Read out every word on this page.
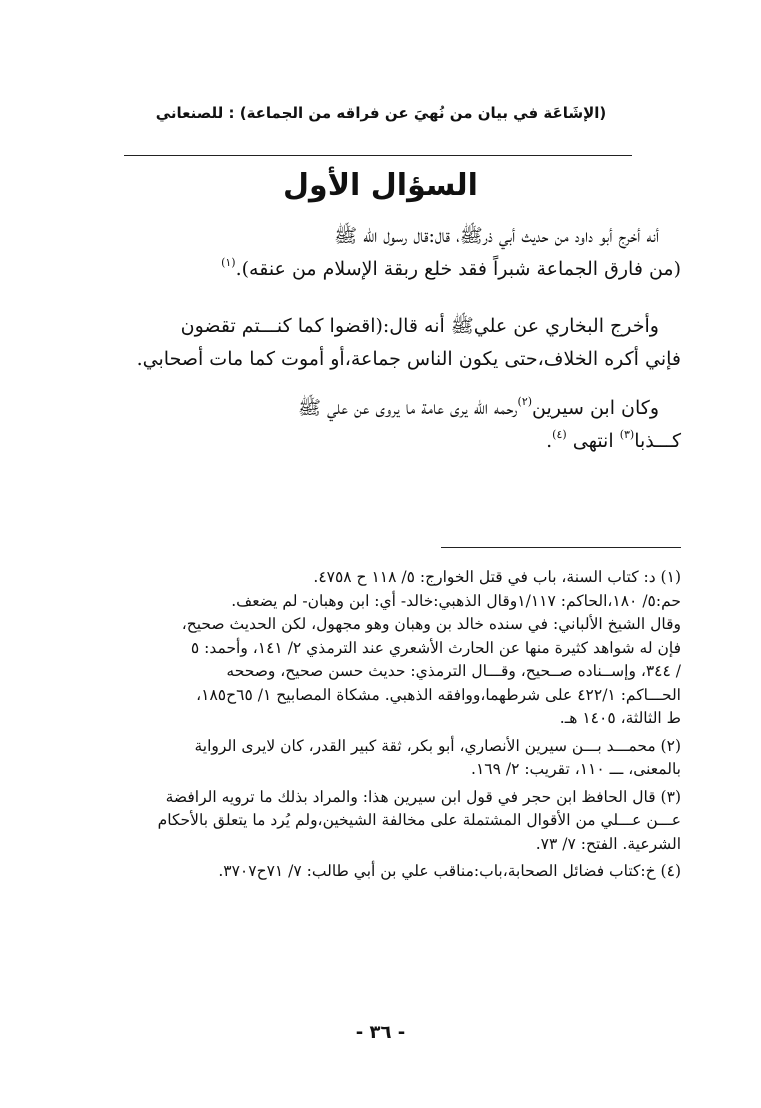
(الإشَاعَة في بيان من نُهيَ عن فراقه من الجماعة) : للصنعاني
السؤال الأول
أنه أخرج أبو داود من حديث أبي ذرﷺ، قال:قال رسول الله ﷺ
(من فارق الجماعة شبراً فقد خلع ربقة الإسلام من عنقه).$^{(١)}$
وأخرج البخاري عن عليﷺ أنه قال:(اقضوا كما كنـــتم تقضون
فإني أكره الخلاف،حتى يكون الناس جماعة،أو أموت كما مات أصحابي.
وكان ابن سيرين$^{(٢)}$رحمه الله يرى عامة ما يروى عن علي ﷺ
كـــذبا$^{(٣)}$ انتهى $^{(٤)}$.
(١) د: كتاب السنة، باب في قتل الخوارج: ٥/ ١١٨ ح ٤٧٥٨.
حم:٥/ ١٨٠،الحاكم: ١/١١٧وقال الذهبي:خالد- أي: ابن وهبان- لم يضعف.
وقال الشيخ الألباني: في سنده خالد بن وهبان وهو مجهول، لكن الحديث صحيح،
فإن له شواهد كثيرة منها عن الحارث الأشعري عند الترمذي ٢/ ١٤١، وأحمد: ٥
/ ٣٤٤، وإســناده صــحيح، وقـــال الترمذي: حديث حسن صحيح، وصححه
الحـــاكم: ٤٢٢/١ على شرطهما،ووافقه الذهبي. مشكاة المصابيح ١/ ٦٥ح١٨٥،
ط الثالثة، ١٤٠٥ هـ.
(٢) محمـــد بـــن سيرين الأنصاري، أبو بكر، ثقة كبير القدر، كان لايرى الرواية
بالمعنى، ـــ ١١٠، تقريب: ٢/ ١٦٩.
(٣) قال الحافظ ابن حجر في قول ابن سيرين هذا: والمراد بذلك ما ترويه الرافضة
عـــن عـــلي من الأقوال المشتملة على مخالفة الشيخين،ولم يُرد ما يتعلق بالأحكام
الشرعية. الفتح: ٧/ ٧٣.
(٤) خ:كتاب فضائل الصحابة،باب:مناقب علي بن أبي طالب: ٧/ ٧١ح٣٧٠٧.
- ٣٦ -
